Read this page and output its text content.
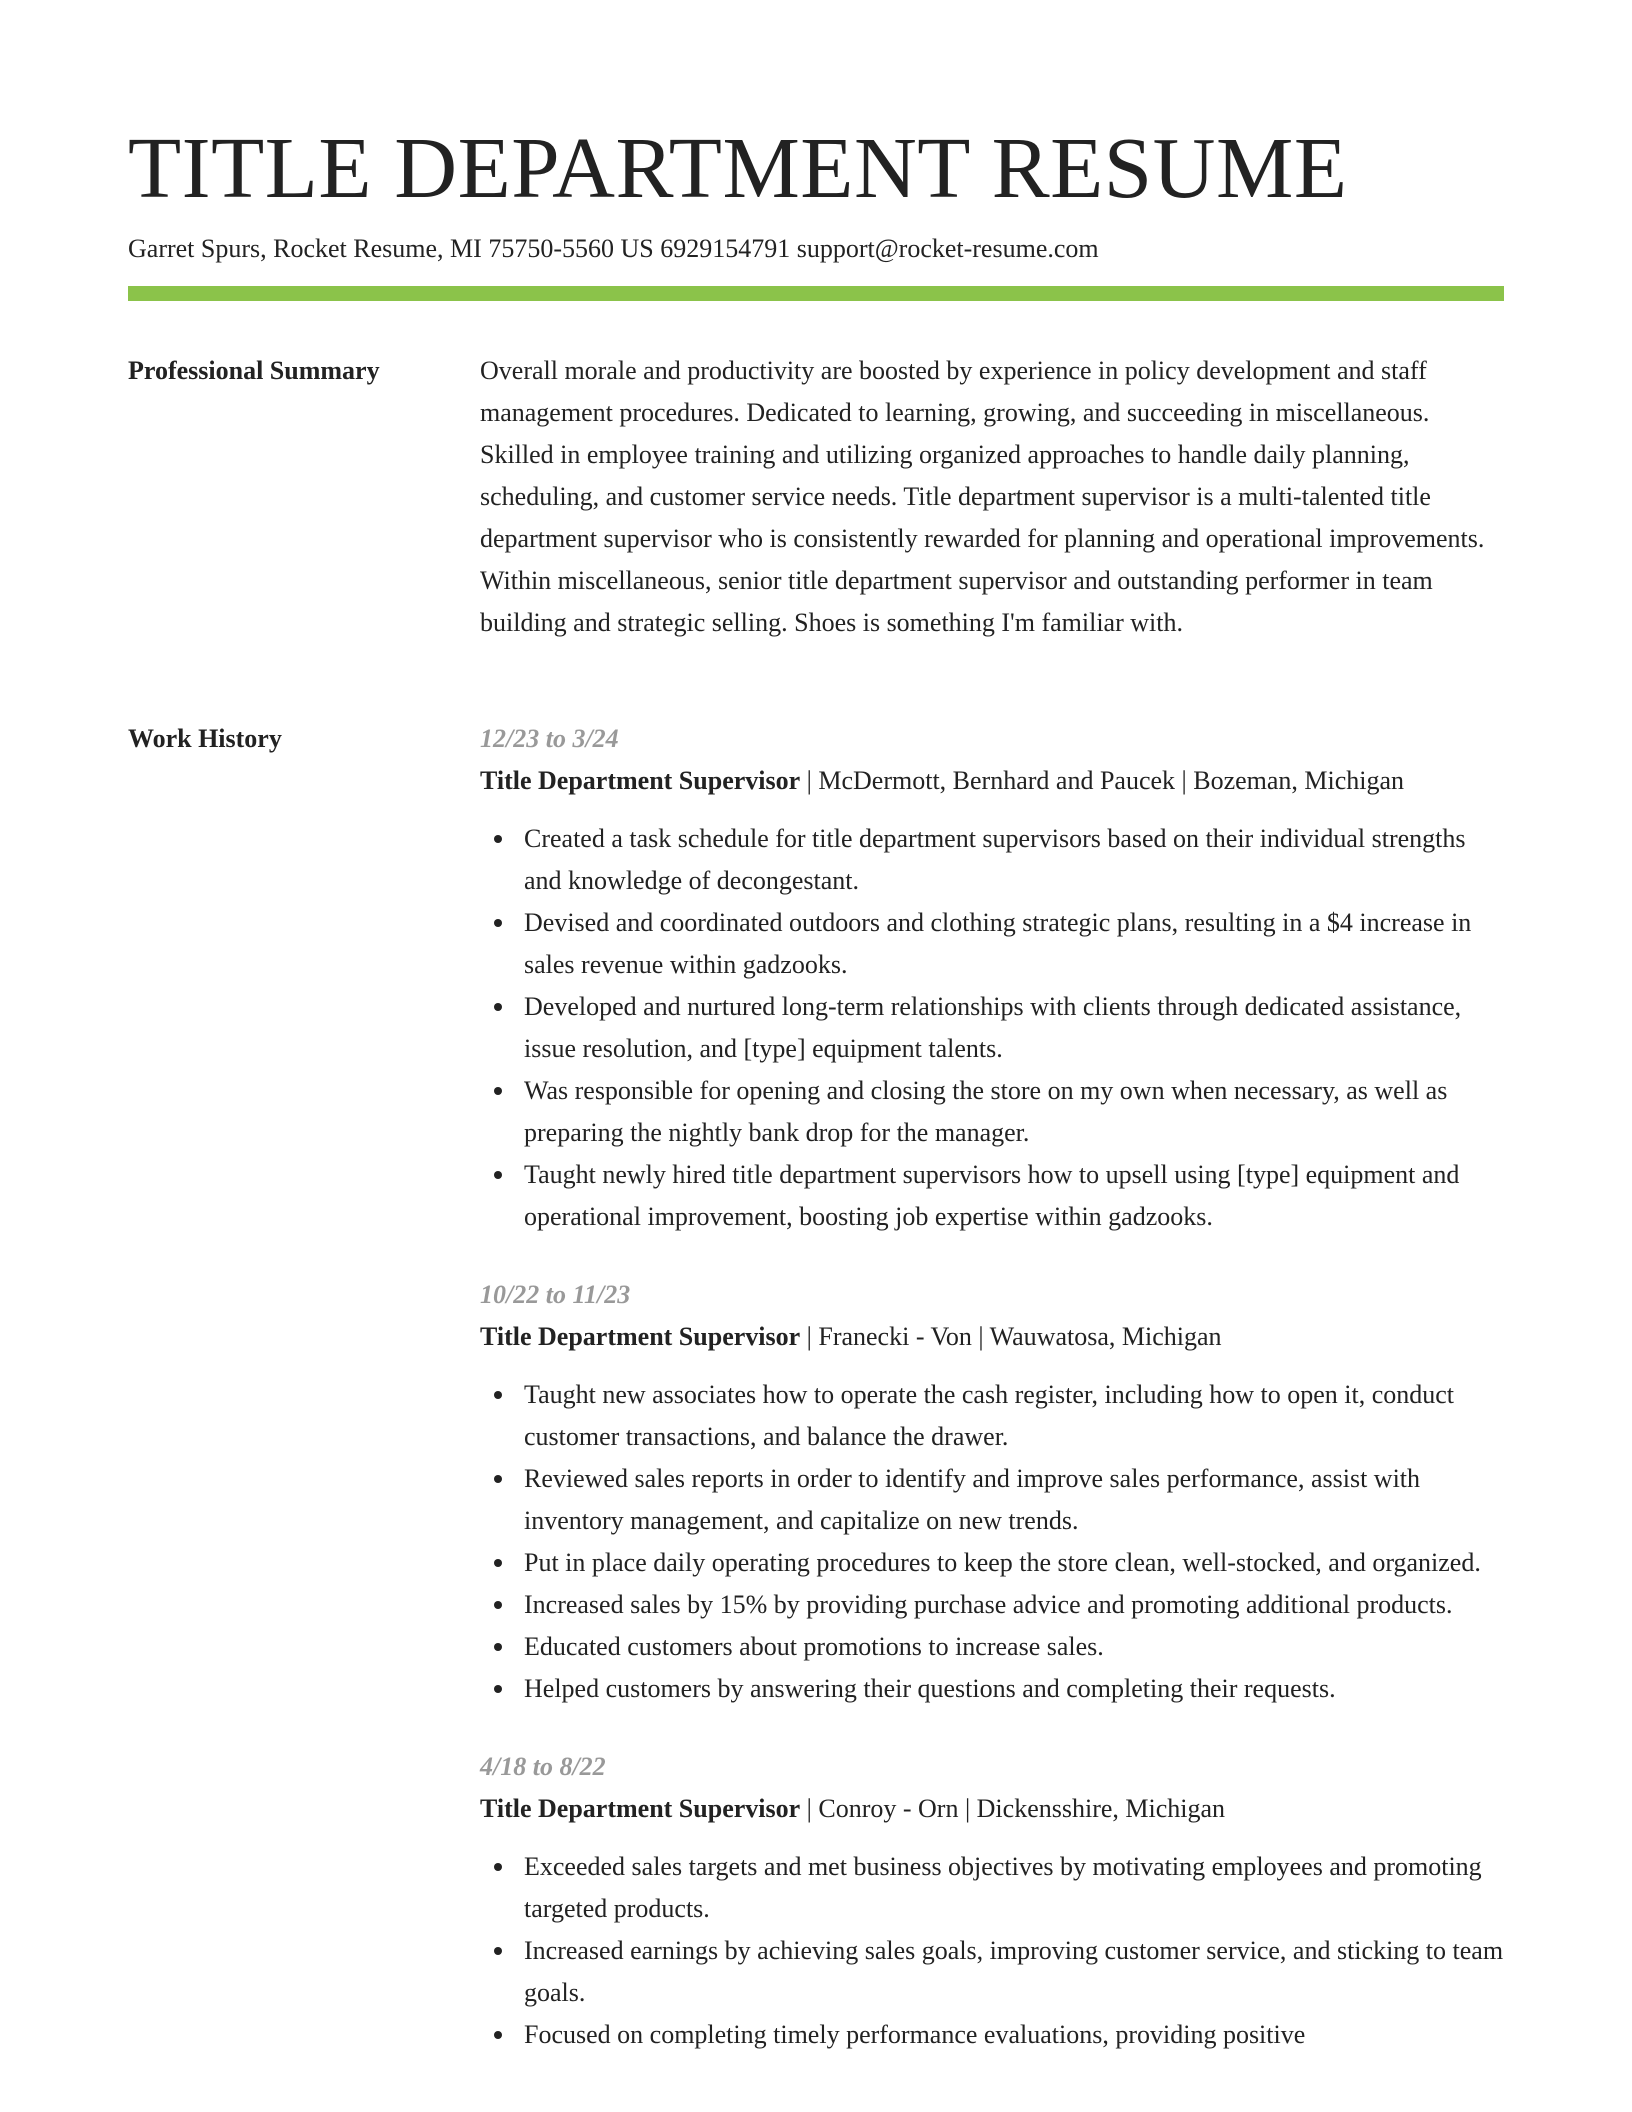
TITLE DEPARTMENT RESUME
Garret Spurs, Rocket Resume, MI 75750-5560 US 6929154791 support@rocket-resume.com
Professional Summary	Overall morale and productivity are boosted by experience in policy development and staff management procedures. Dedicated to learning, growing, and succeeding in miscellaneous. Skilled in employee training and utilizing organized approaches to handle daily planning, scheduling, and customer service needs. Title department supervisor is a multi-talented title department supervisor who is consistently rewarded for planning and operational improvements. Within miscellaneous, senior title department supervisor and outstanding performer in team building and strategic selling. Shoes is something I'm familiar with.

Work History	12/23 to 3/24
Title Department Supervisor | McDermott, Bernhard and Paucek | Bozeman, Michigan
Created a task schedule for title department supervisors based on their individual strengths and knowledge of decongestant.
Devised and coordinated outdoors and clothing strategic plans, resulting in a $4 increase in sales revenue within gadzooks.
Developed and nurtured long-term relationships with clients through dedicated assistance, issue resolution, and [type] equipment talents.
Was responsible for opening and closing the store on my own when necessary, as well as preparing the nightly bank drop for the manager.
Taught newly hired title department supervisors how to upsell using [type] equipment and operational improvement, boosting job expertise within gadzooks.
10/22 to 11/23
Title Department Supervisor | Franecki - Von | Wauwatosa, Michigan
Taught new associates how to operate the cash register, including how to open it, conduct customer transactions, and balance the drawer.
Reviewed sales reports in order to identify and improve sales performance, assist with inventory management, and capitalize on new trends.
Put in place daily operating procedures to keep the store clean, well-stocked, and organized.
Increased sales by 15% by providing purchase advice and promoting additional products.
Educated customers about promotions to increase sales.
Helped customers by answering their questions and completing their requests.
4/18 to 8/22
Title Department Supervisor | Conroy - Orn | Dickensshire, Michigan
Exceeded sales targets and met business objectives by motivating employees and promoting targeted products.
Increased earnings by achieving sales goals, improving customer service, and sticking to team goals.
Focused on completing timely performance evaluations, providing positive
